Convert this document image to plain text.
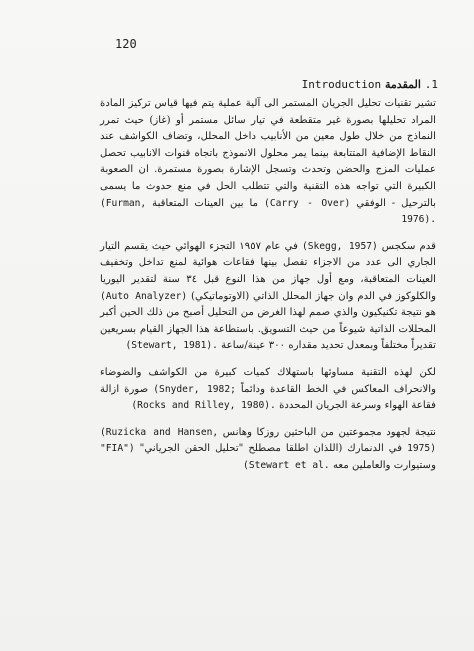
120
1. المقدمة Introduction

تشير تقنيات تحليل الجريان المستمر الى آلية عملية يتم فيها قياس تركيز المادة المراد تحليلها بصورة غير متقطعة في تيار سائل مستمر أو (غاز) حيث تمرر النماذج من خلال طول معين من الأنابيب داخل المحلل، وتضاف الكواشف عند النقاط الإضافية المتتابعة بينما يمر محلول الانموذج باتجاه قنوات الانابيب تحصل عمليات المزج والحضن وتحدث وتسجل الإشارة بصورة مستمرة. ان الصعوبة الكبيرة التي تواجه هذه التقنية والتي تتطلب الحل في منع حدوث ما يسمى بالترحيل - الوفقي (Carry - Over) ما بين العينات المتعاقبة (Furman, 1976).

قدم سكجس (Skegg, 1957) في عام ١٩٥٧ التجزء الهوائي حيث يقسم التيار الجاري الى عدد من الاجزاء تفصل بينها فقاعات هوائية لمنع تداخل وتخفيف العينات المتعاقبة، ومع أول جهاز من هذا النوع قبل ٣٤ سنة لتقدير اليوريا والكلوكوز في الدم وان جهاز المحلل الذاتي (الاوتوماتيكي) (Auto Analyzer) هو نتيجة تكنيكيون والذي صمم لهذا الغرض من التحليل أصبح من ذلك الحين أكبر المحللات الذاتية شيوعاً من حيث التسويق. باستطاعة هذا الجهاز القيام بسريعين تقديراً مختلفاً وبمعدل تحديد مقداره ٣٠٠ عينة/ساعة (Stewart, 1981).

لكن لهذه التقنية مساوئها باستهلاك كميات كبيرة من الكواشف والضوضاء والانحراف المعاكس في الخط القاعدة ودائماً (Snyder, 1982; صورة ازالة فقاعة الهواء وسرعة الجريان المحددة (Rocks and Rilley, 1980).

نتيجة لجهود مجموعتين من الباحثين روزكا وهانس (Ruzicka and Hansen, 1975) في الدنمارك (اللذان اطلقا مصطلح "تحليل الحقن الجرياني" "FIA") وستيوارت والعاملين معه (Stewart et al.
